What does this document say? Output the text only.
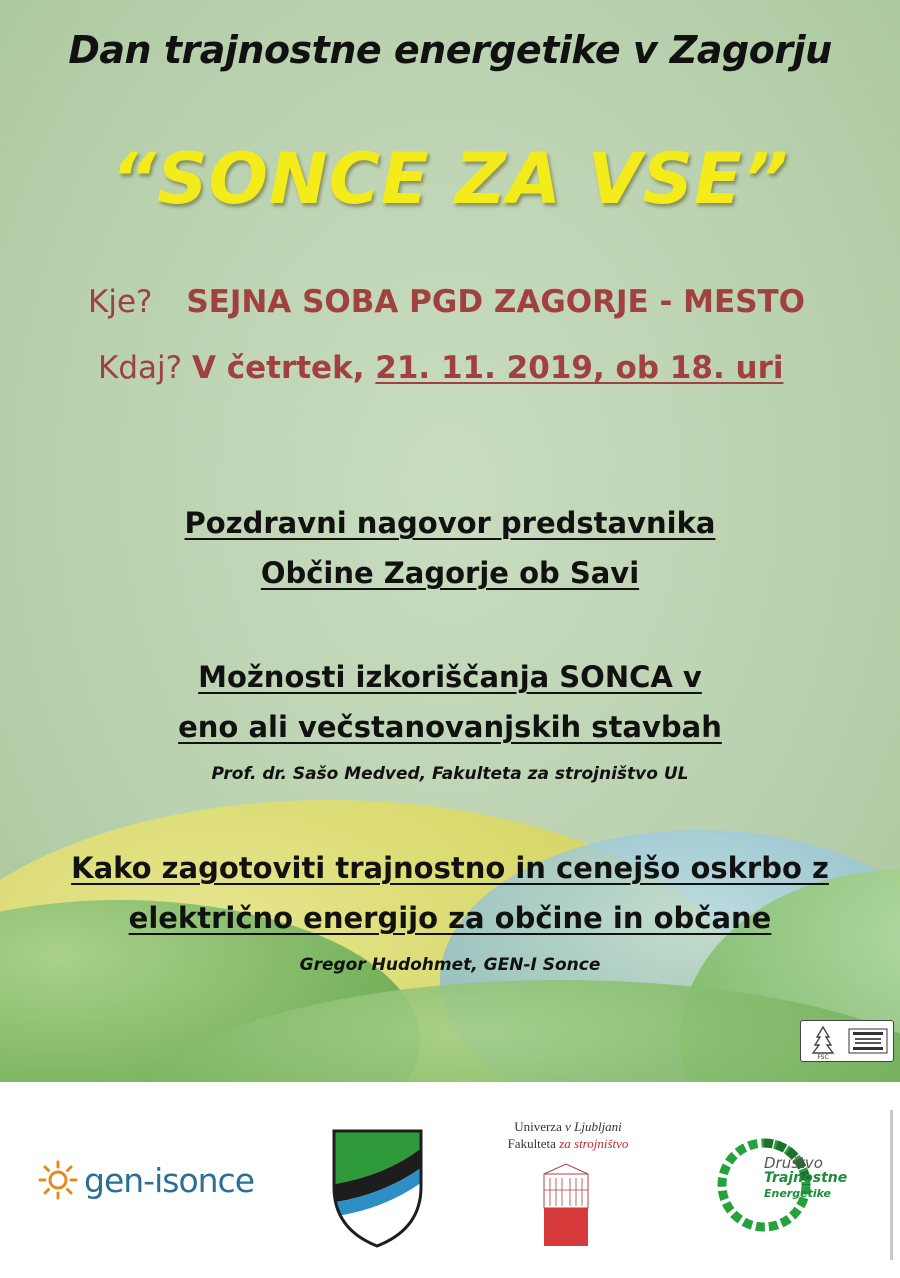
Dan trajnostne energetike v Zagorju
“SONCE ZA VSE”
Kje? SEJNA SOBA PGD ZAGORJE - MESTO
Kdaj? V četrtek, 21. 11. 2019, ob 18. uri
Pozdravni nagovor predstavnika
Občine Zagorje ob Savi
Možnosti izkoriščanja SONCA v
eno ali večstanovanjskih stavbah
Prof. dr. Sašo Medved, Fakulteta za strojništvo UL
Kako zagotoviti trajnostno in cenejšo oskrbo z
električno energijo za občine in občane
Gregor Hudohmet, GEN-I Sonce
FSC
gen-isonce
Univerza v Ljubljani
Fakulteta za strojništvo
Društvo
Trajnostne
Energetike
